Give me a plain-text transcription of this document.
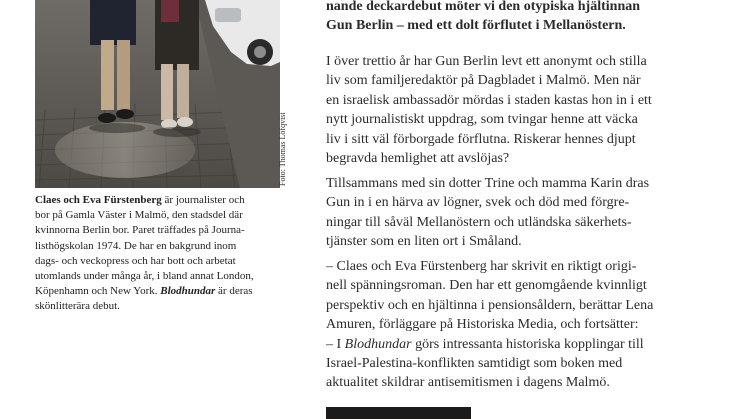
Foto: Thomas Löfqvist

Claes och Eva Fürstenberg är journalister och

bor på Gamla Väster i Malmö, den stadsdel där

kvinnorna Berlin bor. Paret träffades på Journa-

listhögskolan 1974. De har en bakgrund inom

dags- och veckopress och har bott och arbetat

utomlands under många år, i bland annat London,

Köpenhamn och New York. Blodhundar är deras

skönlitterära debut.

nande deckardebut möter vi den otypiska hjältinnan
Gun Berlin – med ett dolt förflutet i Mellanöstern.
I över trettio år har Gun Berlin levt ett anonymt och stilla
liv som familjeredaktör på Dagbladet i Malmö. Men när
en israelisk ambassadör mördas i staden kastas hon in i ett
nytt journalistiskt uppdrag, som tvingar henne att väcka
liv i sitt väl förborgade förflutna. Riskerar hennes djupt
begravda hemlighet att avslöjas?
Tillsammans med sin dotter Trine och mamma Karin dras
Gun in i en härva av lögner, svek och död med förgre-
ningar till såväl Mellanöstern och utländska säkerhets-
tjänster som en liten ort i Småland.
– Claes och Eva Fürstenberg har skrivit en riktigt origi-
nell spänningsroman. Den har ett genomgående kvinnligt
perspektiv och en hjältinna i pensionsåldern, berättar Lena
Amuren, förläggare på Historiska Media, och fortsätter:
– I Blodhundar görs intressanta historiska kopplingar till
Israel-Palestina-konflikten samtidigt som boken med
aktualitet skildrar antisemitismen i dagens Malmö.
